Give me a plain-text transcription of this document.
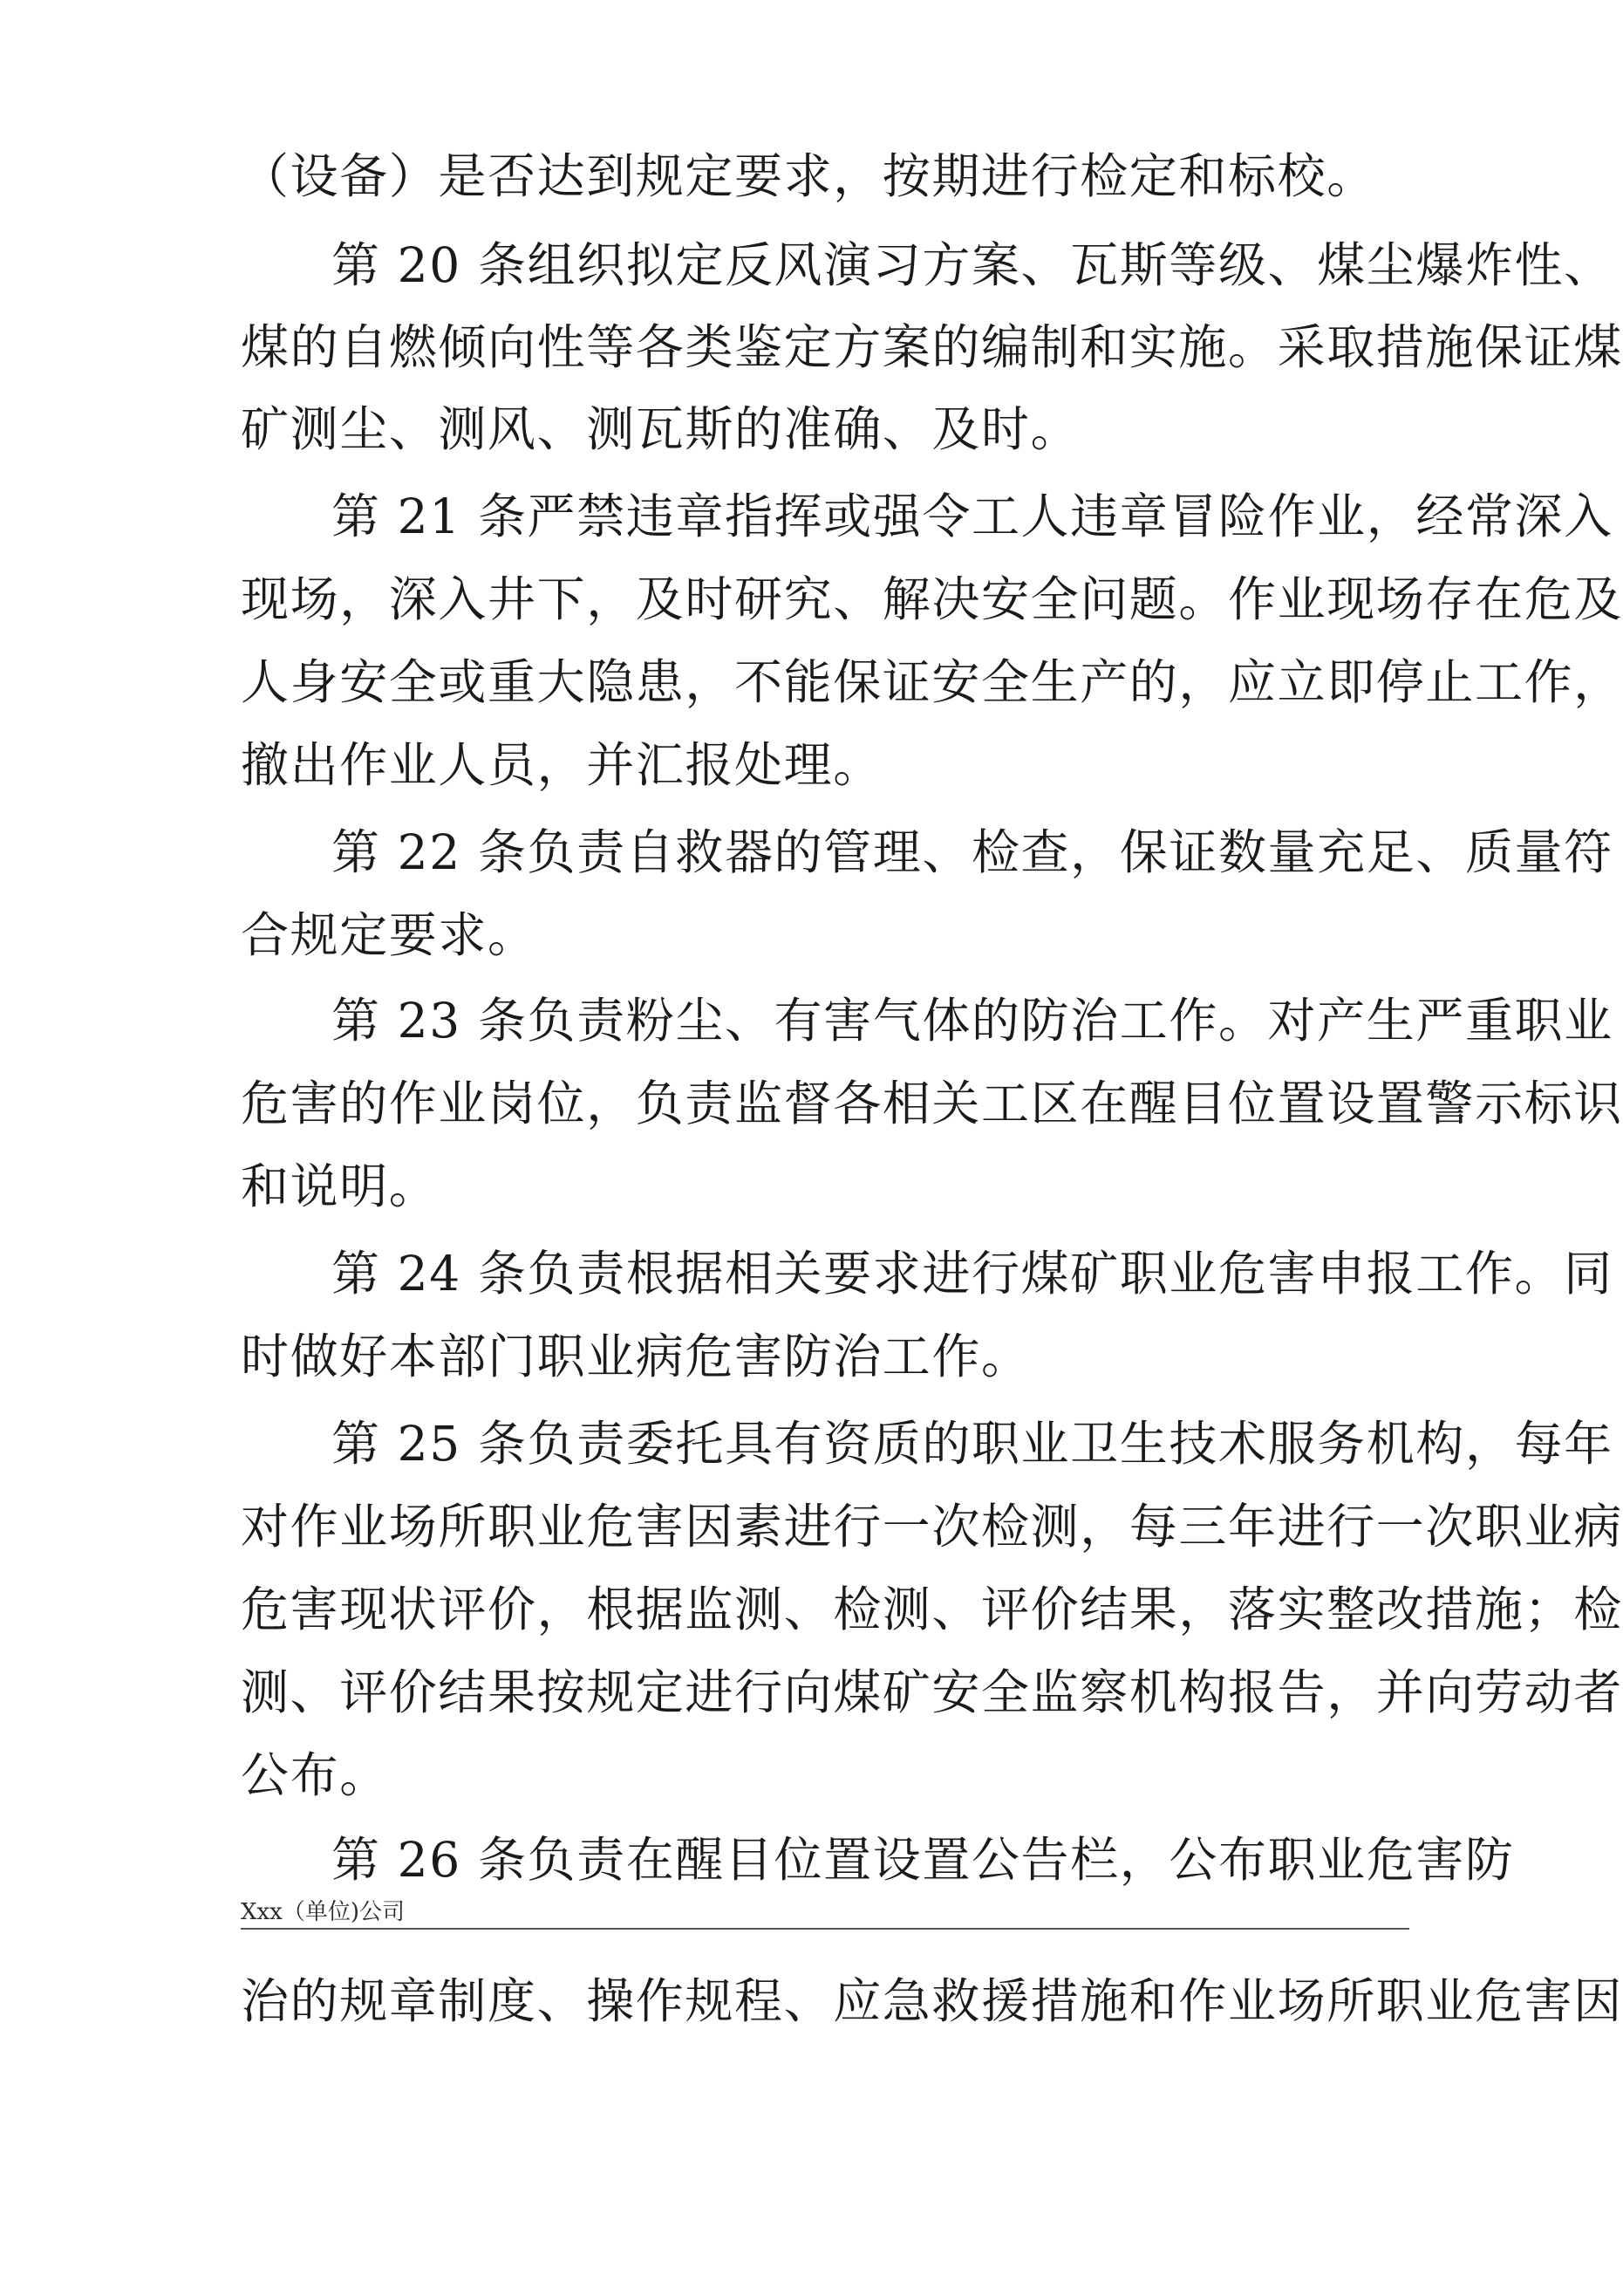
（设备）是否达到规定要求，按期进行检定和标校。
第 20 条组织拟定反风演习方案、瓦斯等级、煤尘爆炸性、
煤的自燃倾向性等各类鉴定方案的编制和实施。采取措施保证煤
矿测尘、测风、测瓦斯的准确、及时。
第 21 条严禁违章指挥或强令工人违章冒险作业，经常深入
现场，深入井下，及时研究、解决安全问题。作业现场存在危及
人身安全或重大隐患，不能保证安全生产的，应立即停止工作，
撤出作业人员，并汇报处理。
第 22 条负责自救器的管理、检查，保证数量充足、质量符
合规定要求。
第 23 条负责粉尘、有害气体的防治工作。对产生严重职业
危害的作业岗位，负责监督各相关工区在醒目位置设置警示标识
和说明。
第 24 条负责根据相关要求进行煤矿职业危害申报工作。同
时做好本部门职业病危害防治工作。
第 25 条负责委托具有资质的职业卫生技术服务机构，每年
对作业场所职业危害因素进行一次检测，每三年进行一次职业病
危害现状评价，根据监测、检测、评价结果，落实整改措施；检
测、评价结果按规定进行向煤矿安全监察机构报告，并向劳动者
公布。
第 26 条负责在醒目位置设置公告栏，公布职业危害防
Xxx（单位)公司
治的规章制度、操作规程、应急救援措施和作业场所职业危害因
